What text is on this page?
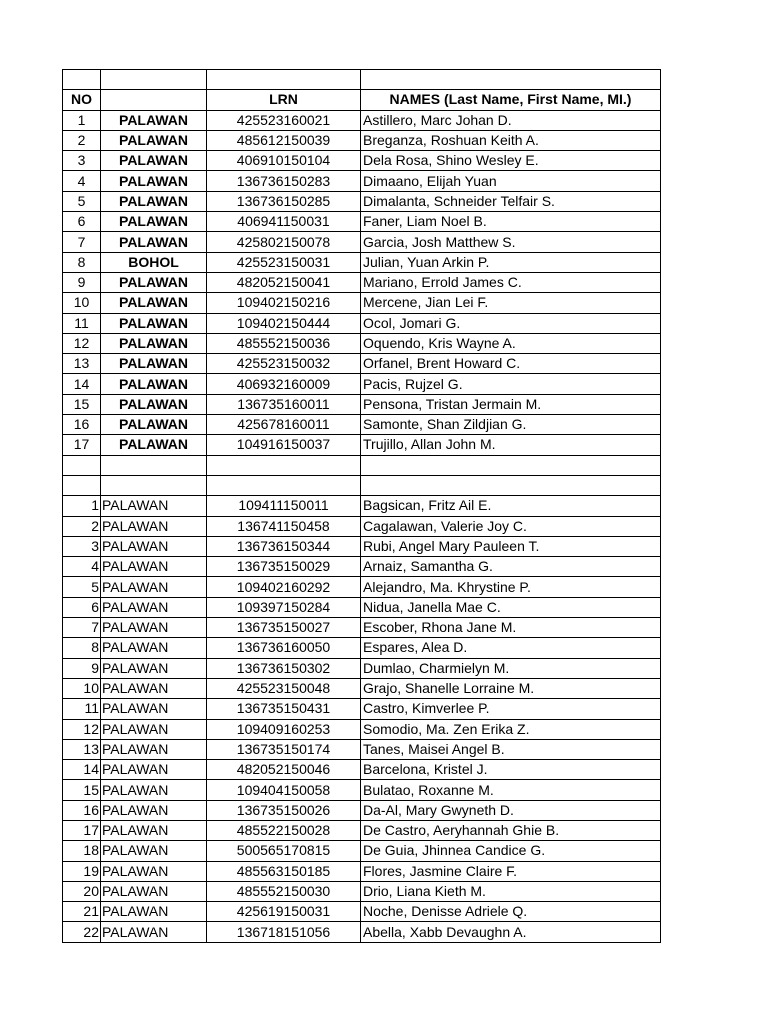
NO		LRN	NAMES (Last Name, First Name, MI.)
1	PALAWAN	425523160021	Astillero, Marc Johan D.
2	PALAWAN	485612150039	Breganza, Roshuan Keith A.
3	PALAWAN	406910150104	Dela Rosa, Shino Wesley E.
4	PALAWAN	136736150283	Dimaano, Elijah Yuan
5	PALAWAN	136736150285	Dimalanta, Schneider Telfair S.
6	PALAWAN	406941150031	Faner, Liam Noel B.
7	PALAWAN	425802150078	Garcia, Josh Matthew S.
8	BOHOL	425523150031	Julian, Yuan Arkin P.
9	PALAWAN	482052150041	Mariano, Errold James C.
10	PALAWAN	109402150216	Mercene, Jian Lei F.
11	PALAWAN	109402150444	Ocol, Jomari G.
12	PALAWAN	485552150036	Oquendo, Kris Wayne A.
13	PALAWAN	425523150032	Orfanel, Brent Howard C.
14	PALAWAN	406932160009	Pacis, Rujzel G.
15	PALAWAN	136735160011	Pensona, Tristan Jermain M.
16	PALAWAN	425678160011	Samonte, Shan Zildjian G.
17	PALAWAN	104916150037	Trujillo, Allan John M.

1	PALAWAN	109411150011	Bagsican, Fritz Ail E.
2	PALAWAN	136741150458	Cagalawan, Valerie Joy C.
3	PALAWAN	136736150344	Rubi, Angel Mary Pauleen T.
4	PALAWAN	136735150029	Arnaiz, Samantha G.
5	PALAWAN	109402160292	Alejandro, Ma. Khrystine P.
6	PALAWAN	109397150284	Nidua, Janella Mae C.
7	PALAWAN	136735150027	Escober, Rhona Jane M.
8	PALAWAN	136736160050	Espares, Alea D.
9	PALAWAN	136736150302	Dumlao, Charmielyn M.
10	PALAWAN	425523150048	Grajo, Shanelle Lorraine M.
11	PALAWAN	136735150431	Castro, Kimverlee P.
12	PALAWAN	109409160253	Somodio, Ma. Zen Erika Z.
13	PALAWAN	136735150174	Tanes, Maisei Angel B.
14	PALAWAN	482052150046	Barcelona, Kristel J.
15	PALAWAN	109404150058	Bulatao, Roxanne M.
16	PALAWAN	136735150026	Da-Al, Mary Gwyneth D.
17	PALAWAN	485522150028	De Castro, Aeryhannah Ghie B.
18	PALAWAN	500565170815	De Guia, Jhinnea Candice G.
19	PALAWAN	485563150185	Flores, Jasmine Claire F.
20	PALAWAN	485552150030	Drio, Liana Kieth M.
21	PALAWAN	425619150031	Noche, Denisse Adriele Q.
22	PALAWAN	136718151056	Abella, Xabb Devaughn A.
